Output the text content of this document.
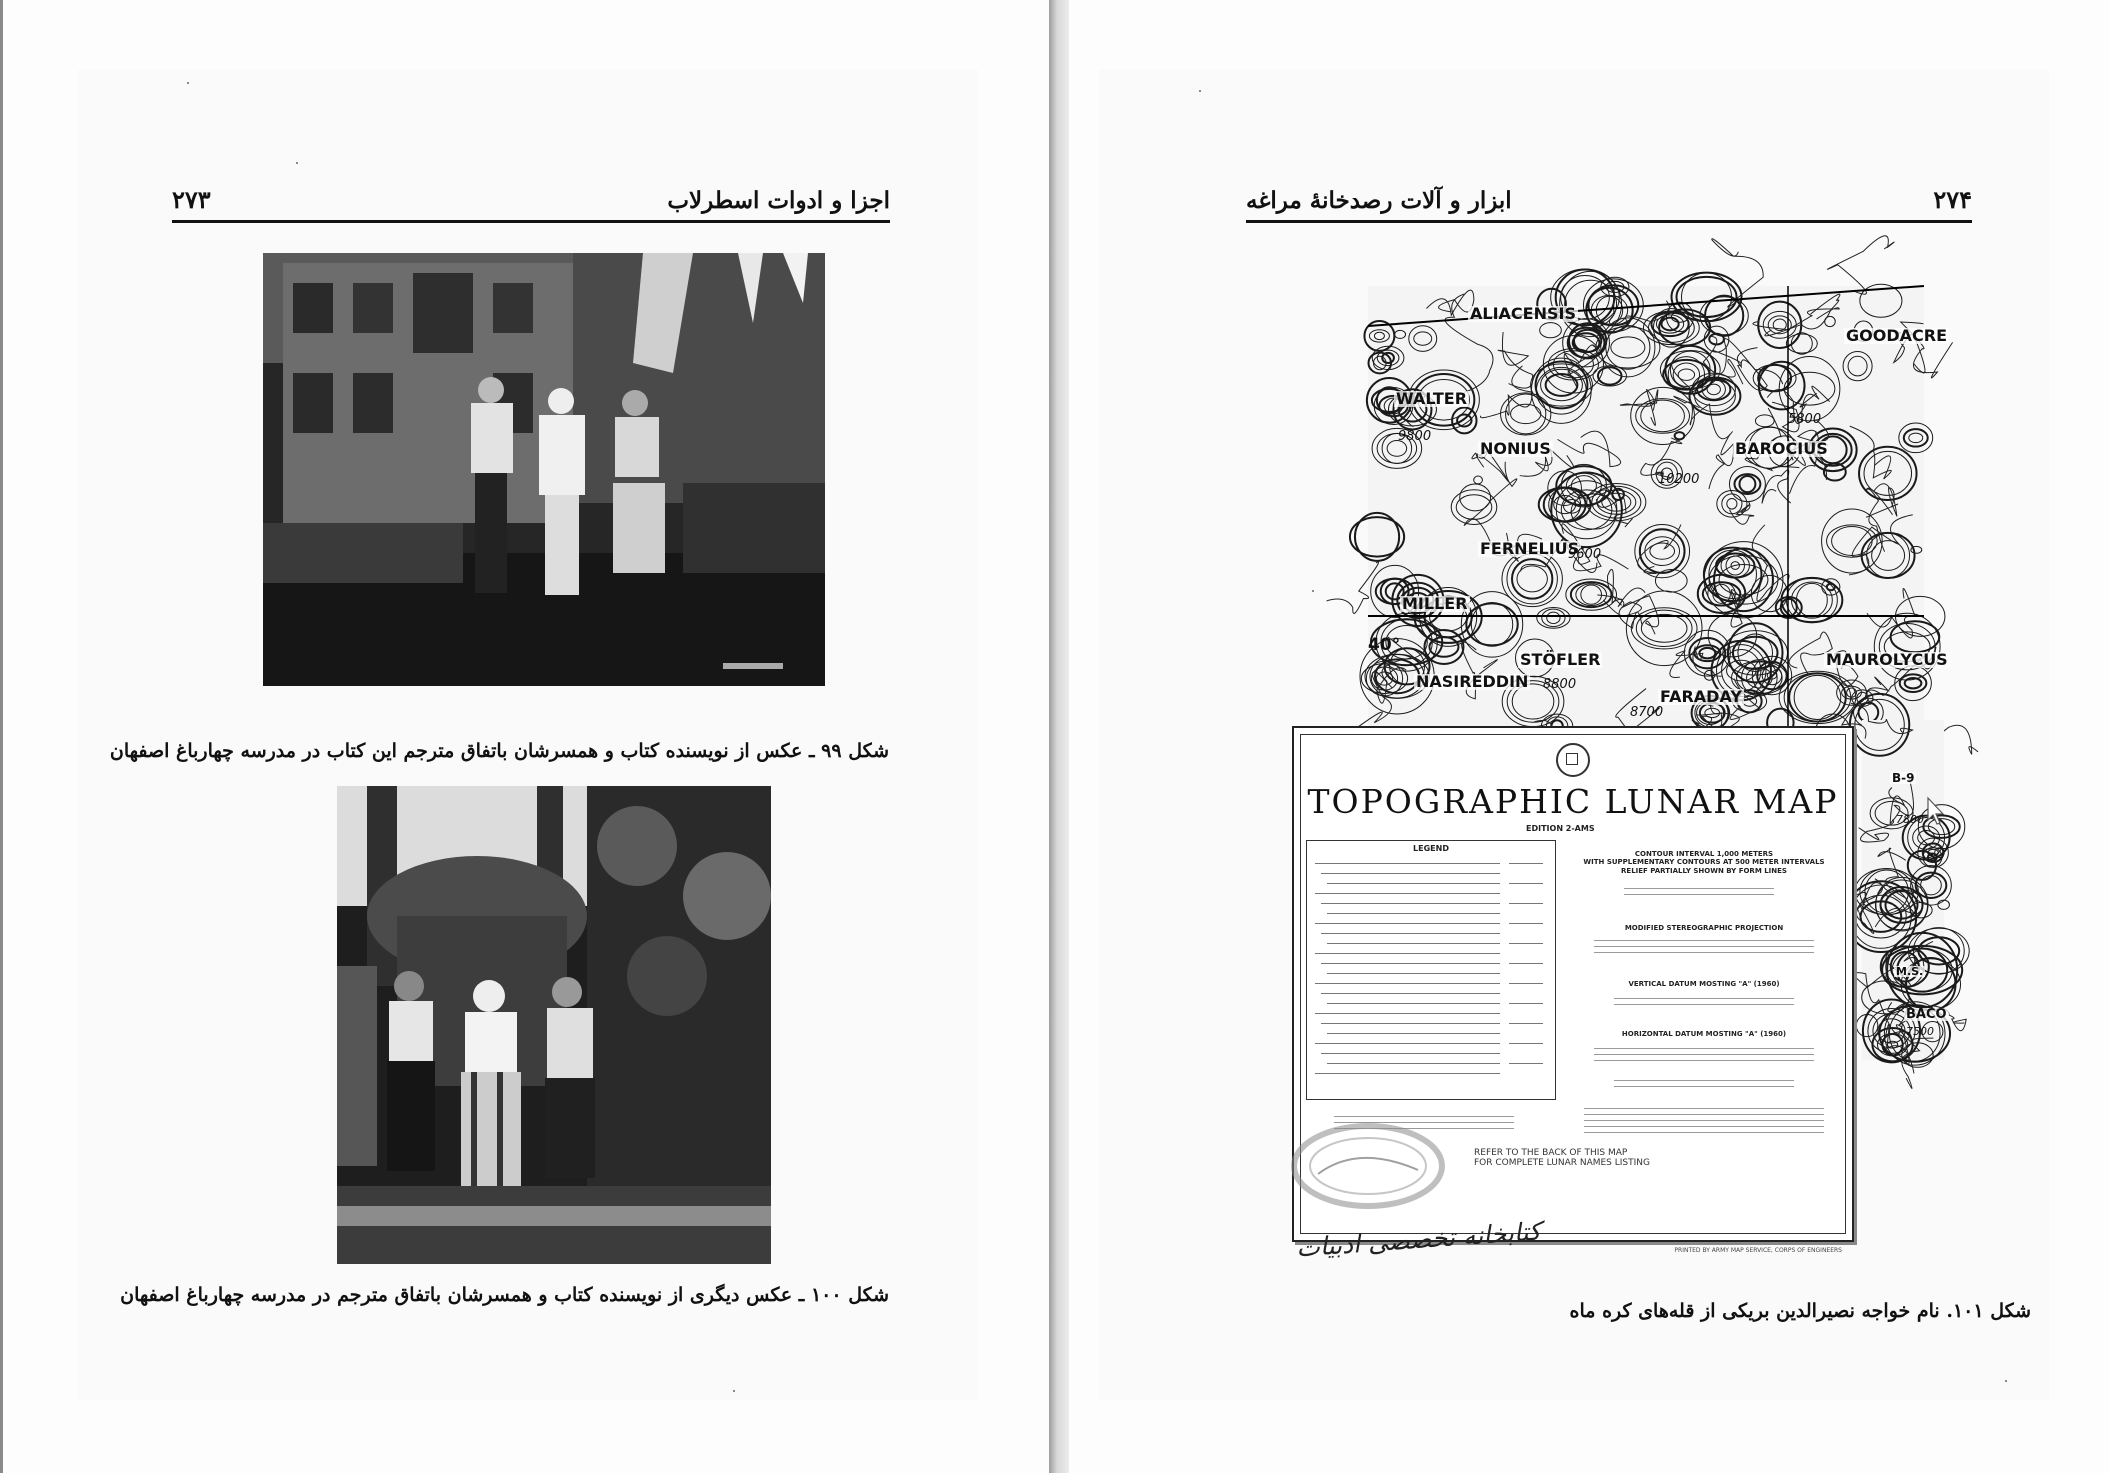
اجزا و ادوات اسطرلاب
۲۷۳
شکل ۹۹ ـ عکس از نویسنده کتاب و همسرشان باتفاق مترجم این کتاب در مدرسه چهارباغ اصفهان
شکل ۱۰۰ ـ عکس دیگری از نویسنده کتاب و همسرشان باتفاق مترجم در مدرسه چهارباغ اصفهان
ابزار و آلات رصدخانهٔ مراغه	۲۷۴
شکل ۱۰۱. نام خواجه نصیرالدین بریکی از قله‌های کره ماه
ALIACENSIS
WALTER
NONIUS
FERNELIUS
MILLER
STÖFLER
NASIREDDIN
BAROCIUS
MAUROLYCUS
GOODACRE
FARADAY
9800
8800
8700
10200
9600
5800
40°
B-9
7800
M.S.
BACO
7500
TOPOGRAPHIC LUNAR MAP
EDITION 2-AMS
LEGEND
CONTOUR INTERVAL 1,000 METERS
WITH SUPPLEMENTARY CONTOURS AT 500 METER INTERVALS
RELIEF PARTIALLY SHOWN BY FORM LINES
MODIFIED STEREOGRAPHIC PROJECTION
VERTICAL DATUM MOSTING "A" (1960)
HORIZONTAL DATUM MOSTING "A" (1960)
REFER TO THE BACK OF THIS MAP
FOR COMPLETE LUNAR NAMES LISTING
PRINTED BY ARMY MAP SERVICE, CORPS OF ENGINEERS
کتابخانه تخصصی ادبیات
